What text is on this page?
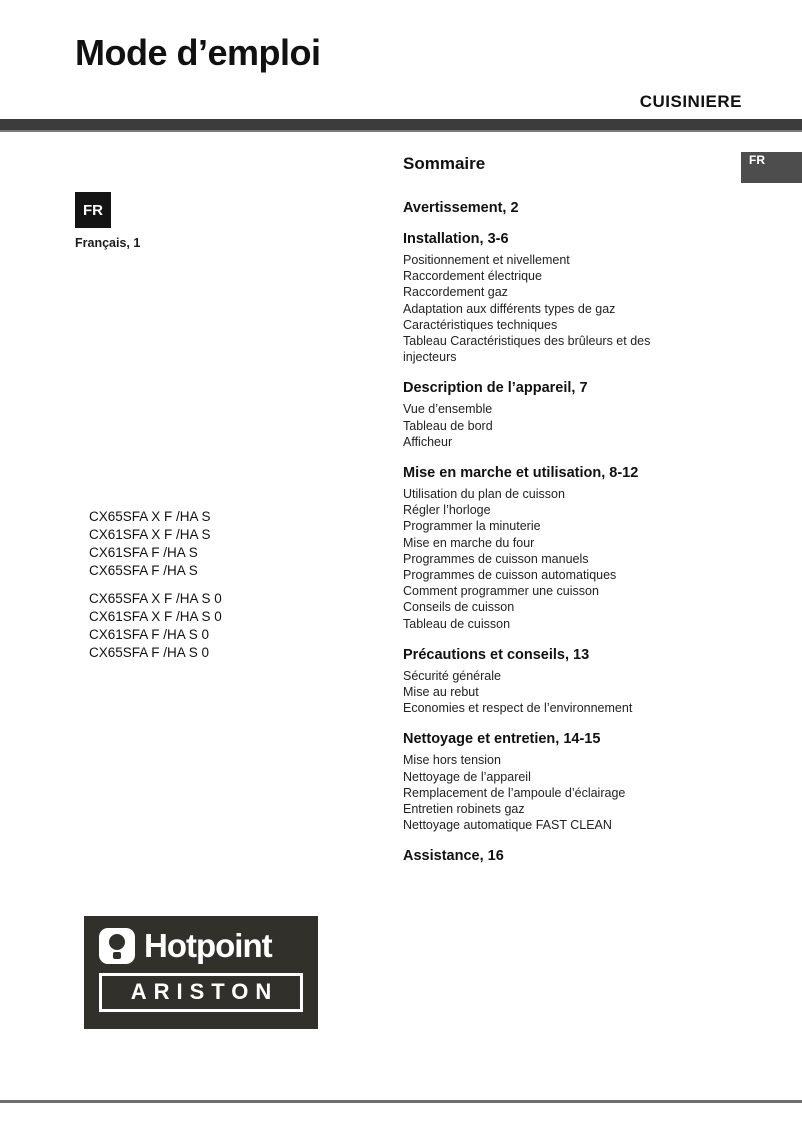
Mode d’emploi
CUISINIERE
FR
FR
Français, 1
CX65SFA X F /HA S
CX61SFA X F /HA S
CX61SFA F /HA S
CX65SFA F /HA S
CX65SFA X F /HA S 0
CX61SFA X F /HA S 0
CX61SFA F /HA S 0
CX65SFA F /HA S 0
Sommaire
Avertissement, 2
Installation, 3-6
Positionnement et nivellement
Raccordement électrique
Raccordement gaz
Adaptation aux différents types de gaz
Caractéristiques techniques
Tableau Caractéristiques des brûleurs et des injecteurs
Description de l’appareil, 7
Vue d’ensemble
Tableau de bord
Afficheur
Mise en marche et utilisation, 8-12
Utilisation du plan de cuisson
Régler l’horloge
Programmer la minuterie
Mise en marche du four
Programmes de cuisson manuels
Programmes de cuisson automatiques
Comment programmer une cuisson
Conseils de cuisson
Tableau de cuisson
Précautions et conseils, 13
Sécurité générale
Mise au rebut
Economies et respect de l’environnement
Nettoyage et entretien, 14-15
Mise hors tension
Nettoyage de l’appareil
Remplacement de l’ampoule d’éclairage
Entretien robinets gaz
Nettoyage automatique FAST CLEAN
Assistance, 16
Hotpoint
ARISTON
